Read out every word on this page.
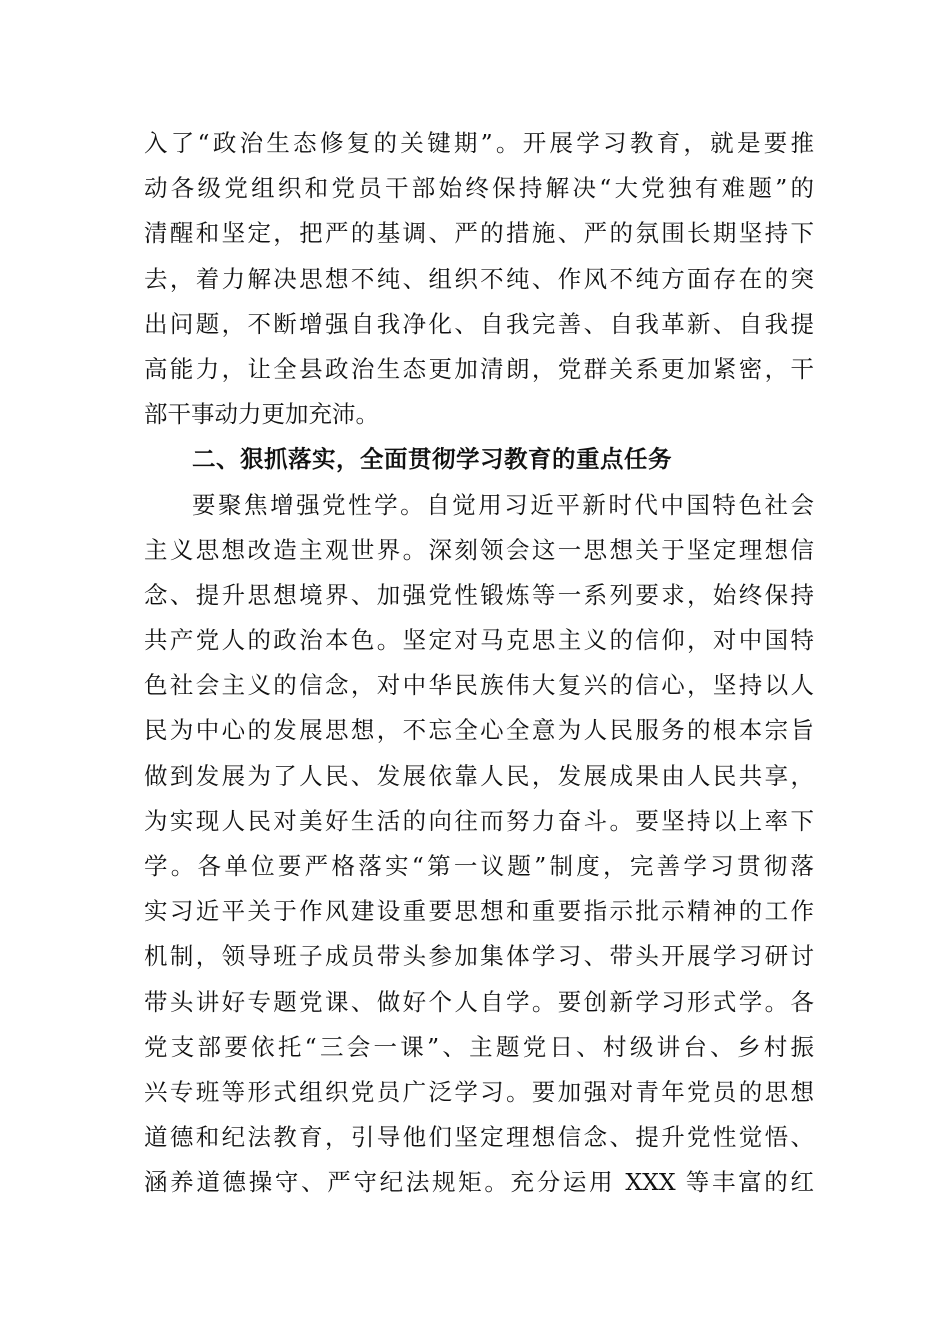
入了“政治生态修复的关键期”。开展学习教育，就是要推
动各级党组织和党员干部始终保持解决“大党独有难题”的
清醒和坚定，把严的基调、严的措施、严的氛围长期坚持下
去，着力解决思想不纯、组织不纯、作风不纯方面存在的突
出问题，不断增强自我净化、自我完善、自我革新、自我提
高能力，让全县政治生态更加清朗，党群关系更加紧密，干
部干事动力更加充沛。
二、狠抓落实，全面贯彻学习教育的重点任务
要聚焦增强党性学。自觉用习近平新时代中国特色社会
主义思想改造主观世界。深刻领会这一思想关于坚定理想信
念、提升思想境界、加强党性锻炼等一系列要求，始终保持
共产党人的政治本色。坚定对马克思主义的信仰，对中国特
色社会主义的信念，对中华民族伟大复兴的信心，坚持以人
民为中心的发展思想，不忘全心全意为人民服务的根本宗旨
做到发展为了人民、发展依靠人民，发展成果由人民共享，
为实现人民对美好生活的向往而努力奋斗。要坚持以上率下
学。各单位要严格落实“第一议题”制度，完善学习贯彻落
实习近平关于作风建设重要思想和重要指示批示精神的工作
机制，领导班子成员带头参加集体学习、带头开展学习研讨
带头讲好专题党课、做好个人自学。要创新学习形式学。各
党支部要依托“三会一课”、主题党日、村级讲台、乡村振
兴专班等形式组织党员广泛学习。要加强对青年党员的思想
道德和纪法教育，引导他们坚定理想信念、提升党性觉悟、
涵养道德操守、严守纪法规矩。充分运用 XXX 等丰富的红
